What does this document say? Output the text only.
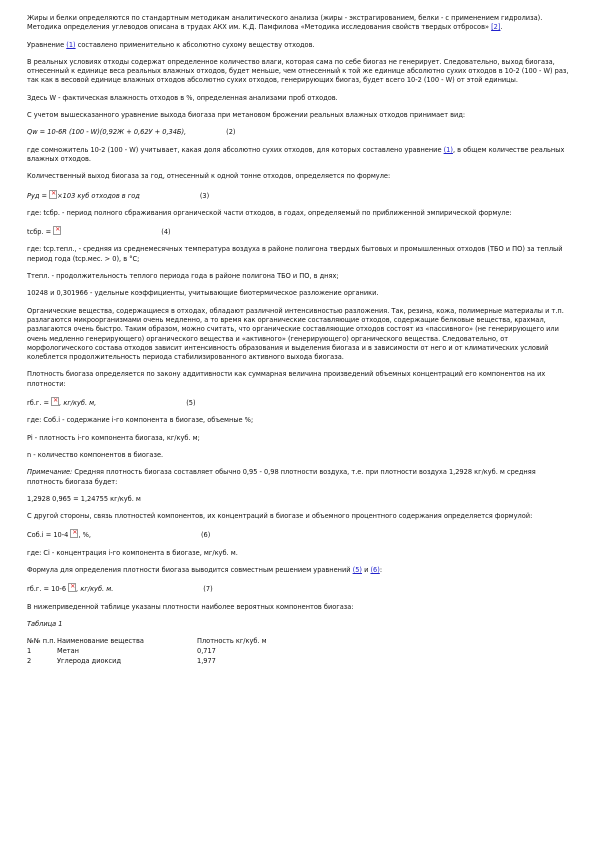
Жиры и белки определяются по стандартным методикам аналитического анализа (жиры - экстрагированием, белки - с применением гидролиза). Методика определения углеводов описана в трудах АКХ им. К.Д. Памфилова «Методика исследования свойств твердых отбросов» [2].

Уравнение (1) составлено применительно к абсолютно сухому веществу отходов.

В реальных условиях отходы содержат определенное количество влаги, которая сама по себе биогаз не генерирует. Следовательно, выход биогаза, отнесенный к единице веса реальных влажных отходов, будет меньше, чем отнесенный к той же единице абсолютно сухих отходов в 10-2 (100 - W) раз, так как в весовой единице влажных отходов абсолютно сухих отходов, генерирующих биогаз, будет всего 10-2 (100 - W) от этой единицы.

Здесь W - фактическая влажность отходов в %, определенная анализами проб отходов.

С учетом вышесказанного уравнение выхода биогаза при метановом брожении реальных влажных отходов принимает вид:

Qw = 10-6R (100 - W)(0,92Ж + 0,62У + 0,34Б),	(2)

где сомножитель 10-2 (100 - W) учитывает, какая доля абсолютно сухих отходов, для которых составлено уравнение (1), в общем количестве реальных влажных отходов.

Количественный выход биогаза за год, отнесенный к одной тонне отходов, определяется по формуле:

Руд = ✕×103 куб отходов в год	(3)

где: tсбр. - период полного сбраживания органической части отходов, в годах, определяемый по приближенной эмпирической формуле:

tсбр. = ✕	(4)

где: tср.тепл., - средняя из среднемесячных температура воздуха в районе полигона твердых бытовых и промышленных отходов (ТБО и ПО) за теплый период года (tср.мес. > 0), в °С;

Tтепл. - продолжительность теплого периода года в районе полигона ТБО и ПО, в днях;

10248 и 0,301966 - удельные коэффициенты, учитывающие биотермическое разложение органики.

Органические вещества, содержащиеся в отходах, обладают различной интенсивностью разложения. Так, резина, кожа, полимерные материалы и т.п. разлагаются микроорганизмами очень медленно, а то время как органические составляющие отходов, содержащие белковые вещества, крахмал, разлагаются очень быстро. Таким образом, можно считать, что органические составляющие отходов состоят из «пассивного» (не генерирующего или очень медленно генерирующего) органического вещества и «активного» (генерирующего) органического вещества. Следовательно, от морфологического состава отходов зависит интенсивность образования и выделения биогаза и в зависимости от него и от климатических условий колеблется продолжительность периода стабилизированного активного выхода биогаза.

Плотность биогаза определяется по закону аддитивности как суммарная величина произведений объемных концентраций его компонентов на их плотности:

rб.г. = ✕, кг/куб. м,	(5)

где: Cоб.i - содержание i-го компонента в биогазе, объемные %;

Pi - плотность i-го компонента биогаза, кг/куб. м;

n - количество компонентов в биогазе.

Примечание: Средняя плотность биогаза составляет обычно 0,95 - 0,98 плотности воздуха, т.е. при плотности воздуха 1,2928 кг/куб. м средняя плотность биогаза будет:

1,2928 0,965 = 1,24755 кг/куб. м

С другой стороны, связь плотностей компонентов, их концентраций в биогазе и объемного процентного содержания определяется формулой:

Cоб.i = 10-4 ✕, %,	(6)

где: Ci - концентрация i-го компонента в биогазе, мг/куб. м.

Формула для определения плотности биогаза выводится совместным решением уравнений (5) и (6):

rб.г. = 10-6 ✕, кг/куб. м.	(7)

В нижеприведенной таблице указаны плотности наиболее вероятных компонентов биогаза:

Таблица 1

№№ п.п.	Наименование вещества	Плотность кг/куб. м
1	Метан	0,717
2	Углерода диоксид	1,977
